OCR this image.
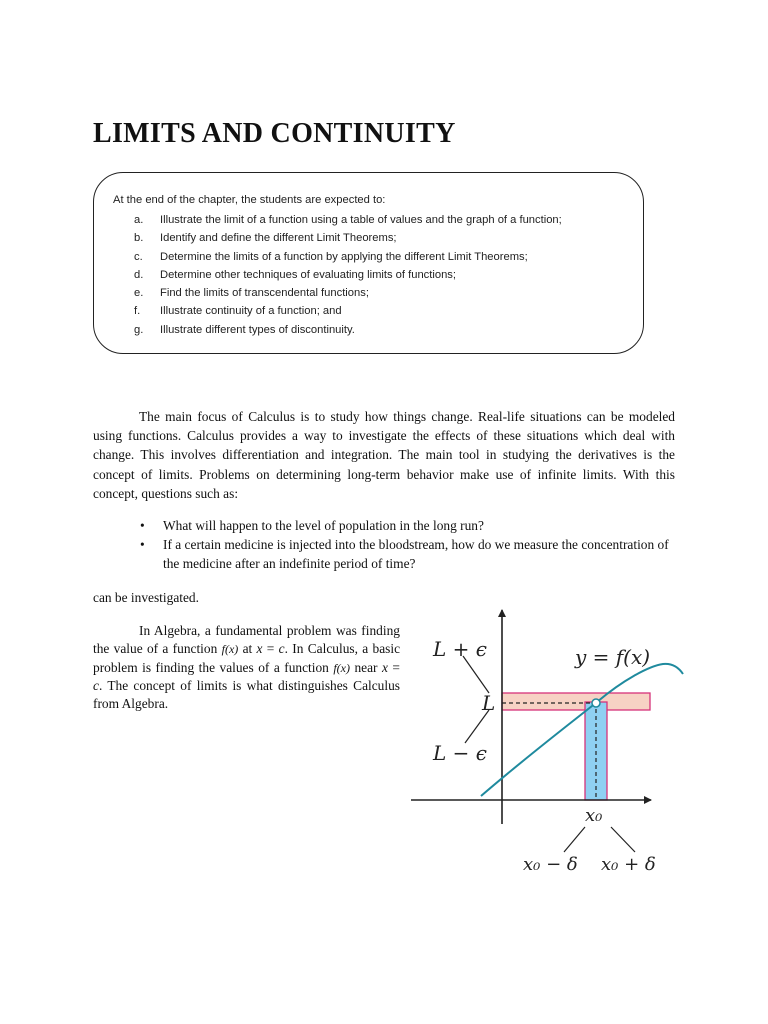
LIMITS AND CONTINUITY
At the end of the chapter, the students are expected to:
a. Illustrate the limit of a function using a table of values and the graph of a function;
b. Identify and define the different Limit Theorems;
c. Determine the limits of a function by applying the different Limit Theorems;
d. Determine other techniques of evaluating limits of functions;
e. Find the limits of transcendental functions;
f. Illustrate continuity of a function; and
g. Illustrate different types of discontinuity.

The main focus of Calculus is to study how things change. Real-life situations can be modeled using functions. Calculus provides a way to investigate the effects of these situations which deal with change. This involves differentiation and integration. The main tool in studying the derivatives is the concept of limits. Problems on determining long-term behavior make use of infinite limits. With this concept, questions such as:

• What will happen to the level of population in the long run?
• If a certain medicine is injected into the bloodstream, how do we measure the concentration of the medicine after an indefinite period of time?

can be investigated.

In Algebra, a fundamental problem was finding the value of a function f(x) at x = c. In Calculus, a basic problem is finding the values of a function f(x) near x = c. The concept of limits is what distinguishes Calculus from Algebra.

L + ϵ
L
L − ϵ
y = f(x)
x₀
x₀ − δ x₀ + δ
